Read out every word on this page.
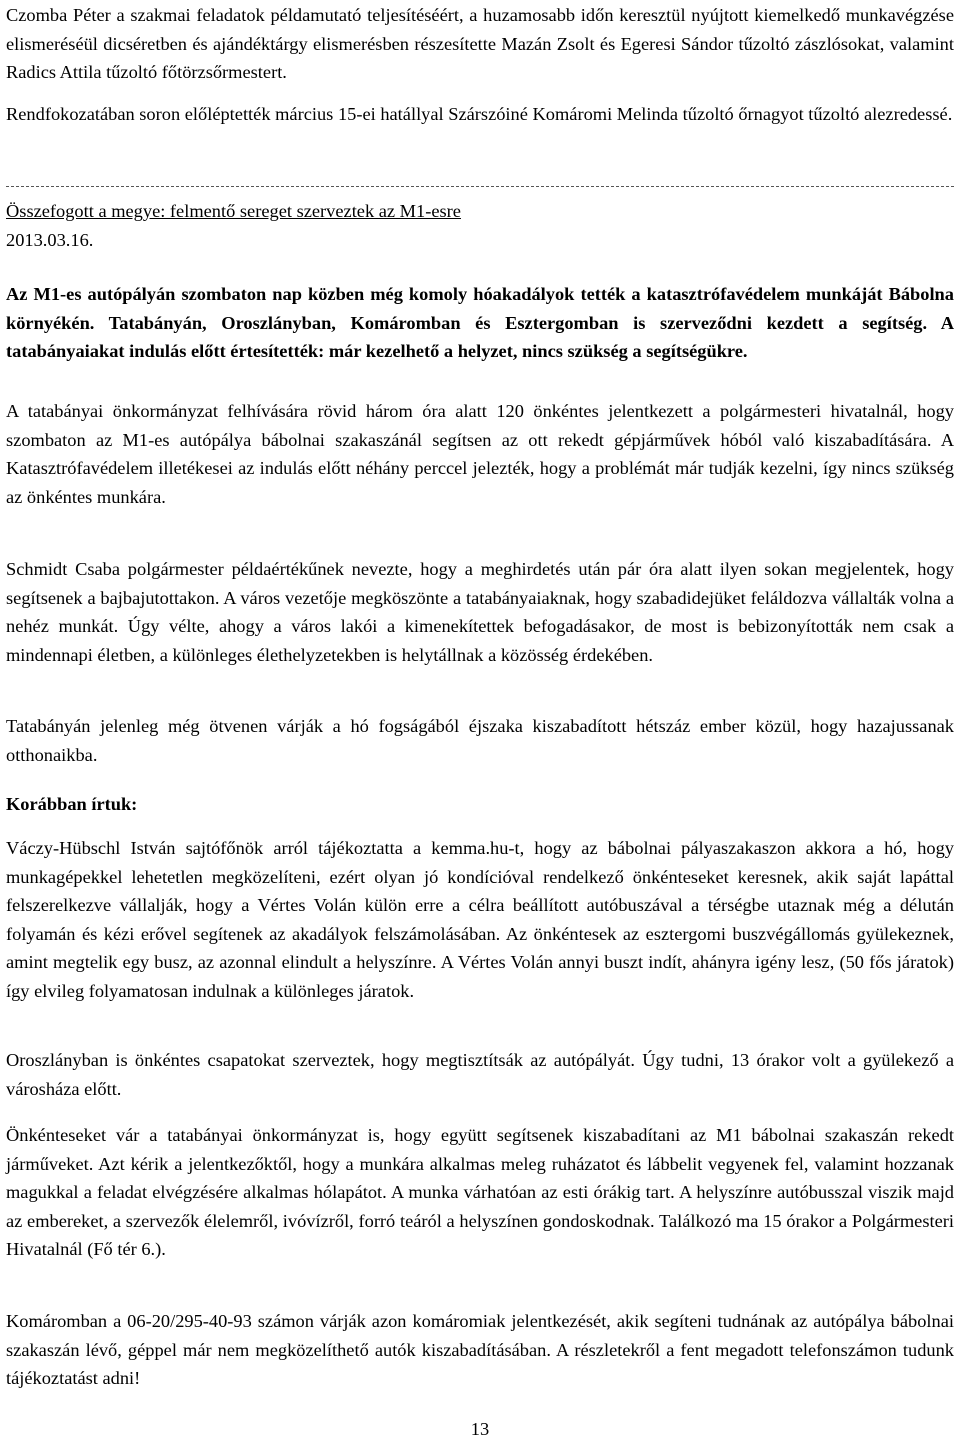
Czomba Péter a szakmai feladatok példamutató teljesítéséért, a huzamosabb időn keresztül nyújtott kiemelkedő munkavégzése elismeréséül dicséretben és ajándéktárgy elismerésben részesítette Mazán Zsolt és Egeresi Sándor tűzoltó zászlósokat, valamint Radics Attila tűzoltó főtörzsőrmestert.

Rendfokozatában soron előléptették március 15-ei hatállyal Szárszóiné Komáromi Melinda tűzoltó őrnagyot tűzoltó alezredessé.

Összefogott a megye: felmentő sereget szerveztek az M1-esre
2013.03.16.

Az M1-es autópályán szombaton nap közben még komoly hóakadályok tették a katasztrófavédelem munkáját Bábolna környékén. Tatabányán, Oroszlányban, Komáromban és Esztergomban is szerveződni kezdett a segítség. A tatabányaiakat indulás előtt értesítették: már kezelhető a helyzet, nincs szükség a segítségükre.

A tatabányai önkormányzat felhívására rövid három óra alatt 120 önkéntes jelentkezett a polgármesteri hivatalnál, hogy szombaton az M1-es autópálya bábolnai szakaszánál segítsen az ott rekedt gépjárművek hóból való kiszabadítására. A Katasztrófavédelem illetékesei az indulás előtt néhány perccel jelezték, hogy a problémát már tudják kezelni, így nincs szükség az önkéntes munkára.

Schmidt Csaba polgármester példaértékűnek nevezte, hogy a meghirdetés után pár óra alatt ilyen sokan megjelentek, hogy segítsenek a bajbajutottakon. A város vezetője megköszönte a tatabányaiaknak, hogy szabadidejüket feláldozva vállalták volna a nehéz munkát. Úgy vélte, ahogy a város lakói a kimenekítettek befogadásakor, de most is bebizonyították nem csak a mindennapi életben, a különleges élethelyzetekben is helytállnak a közösség érdekében.

Tatabányán jelenleg még ötvenen várják a hó fogságából éjszaka kiszabadított hétszáz ember közül, hogy hazajussanak otthonaikba.

Korábban írtuk:

Váczy-Hübschl István sajtófőnök arról tájékoztatta a kemma.hu-t, hogy az bábolnai pályaszakaszon akkora a hó, hogy munkagépekkel lehetetlen megközelíteni, ezért olyan jó kondícióval rendelkező önkénteseket keresnek, akik saját lapáttal felszerelkezve vállalják, hogy a Vértes Volán külön erre a célra beállított autóbuszával a térségbe utaznak még a délután folyamán és kézi erővel segítenek az akadályok felszámolásában. Az önkéntesek az esztergomi buszvégállomás gyülekeznek, amint megtelik egy busz, az azonnal elindult a helyszínre. A Vértes Volán annyi buszt indít, ahányra igény lesz, (50 fős járatok) így elvileg folyamatosan indulnak a különleges járatok.

Oroszlányban is önkéntes csapatokat szerveztek, hogy megtisztítsák az autópályát. Úgy tudni, 13 órakor volt a gyülekező a városháza előtt.

Önkénteseket vár a tatabányai önkormányzat is, hogy együtt segítsenek kiszabadítani az M1 bábolnai szakaszán rekedt járműveket. Azt kérik a jelentkezőktől, hogy a munkára alkalmas meleg ruházatot és lábbelit vegyenek fel, valamint hozzanak magukkal a feladat elvégzésére alkalmas hólapátot. A munka várhatóan az esti órákig tart. A helyszínre autóbusszal viszik majd az embereket, a szervezők élelemről, ivóvízről, forró teáról a helyszínen gondoskodnak. Találkozó ma 15 órakor a Polgármesteri Hivatalnál (Fő tér 6.).

Komáromban a 06-20/295-40-93 számon várják azon komáromiak jelentkezését, akik segíteni tudnának az autópálya bábolnai szakaszán lévő, géppel már nem megközelíthető autók kiszabadításában. A részletekről a fent megadott telefonszámon tudunk tájékoztatást adni!

13
